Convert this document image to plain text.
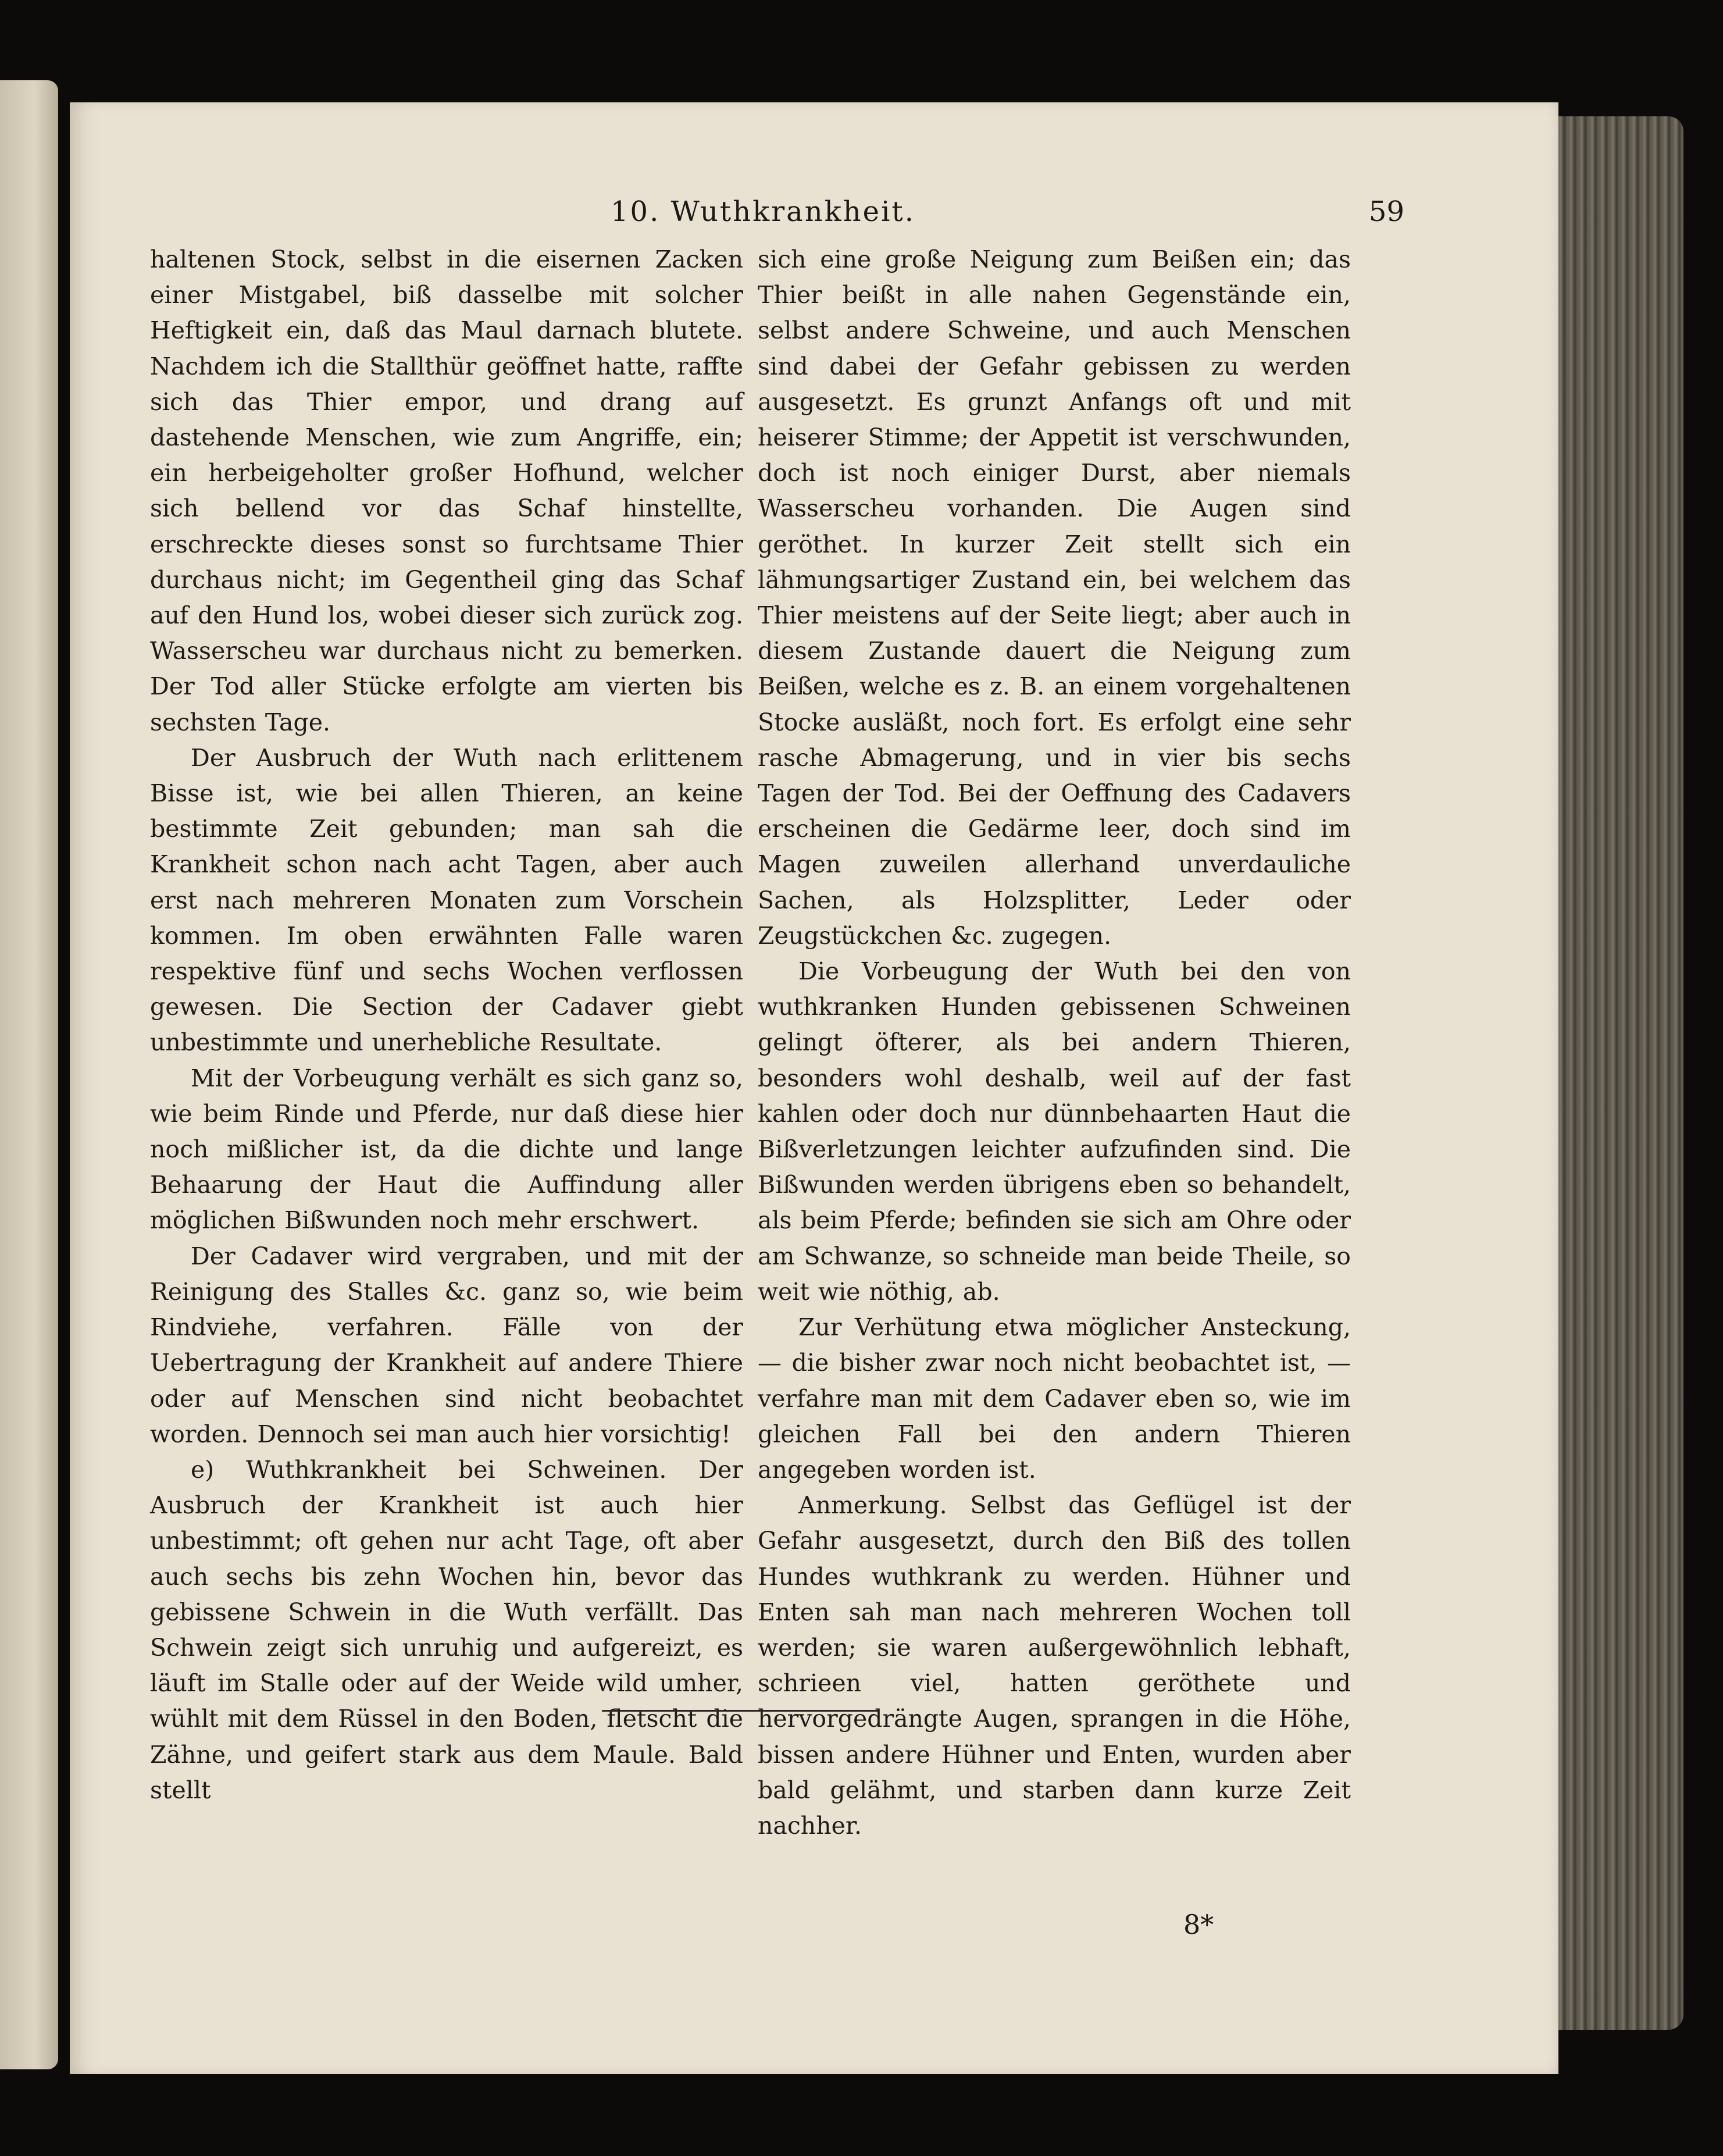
10. Wuthkrankheit.	59

haltenen Stock, selbst in die eisernen Zacken einer Mistgabel, biß dasselbe mit solcher Heftigkeit ein, daß das Maul darnach blutete. Nachdem ich die Stallthür geöffnet hatte, raffte sich das Thier empor, und drang auf dastehende Menschen, wie zum Angriffe, ein; ein herbeigeholter großer Hofhund, welcher sich bellend vor das Schaf hinstellte, erschreckte dieses sonst so furchtsame Thier durchaus nicht; im Gegentheil ging das Schaf auf den Hund los, wobei dieser sich zurück zog. Wasserscheu war durchaus nicht zu bemerken. Der Tod aller Stücke erfolgte am vierten bis sechsten Tage.

Der Ausbruch der Wuth nach erlittenem Bisse ist, wie bei allen Thieren, an keine bestimmte Zeit gebunden; man sah die Krankheit schon nach acht Tagen, aber auch erst nach mehreren Monaten zum Vorschein kommen. Im oben erwähnten Falle waren respektive fünf und sechs Wochen verflossen gewesen. Die Section der Cadaver giebt unbestimmte und unerhebliche Resultate.

Mit der Vorbeugung verhält es sich ganz so, wie beim Rinde und Pferde, nur daß diese hier noch mißlicher ist, da die dichte und lange Behaarung der Haut die Auffindung aller möglichen Bißwunden noch mehr erschwert.

Der Cadaver wird vergraben, und mit der Reinigung des Stalles &c. ganz so, wie beim Rindviehe, verfahren. Fälle von der Uebertragung der Krankheit auf andere Thiere oder auf Menschen sind nicht beobachtet worden. Dennoch sei man auch hier vorsichtig!

e) Wuthkrankheit bei Schweinen. Der Ausbruch der Krankheit ist auch hier unbestimmt; oft gehen nur acht Tage, oft aber auch sechs bis zehn Wochen hin, bevor das gebissene Schwein in die Wuth verfällt. Das Schwein zeigt sich unruhig und aufgereizt, es läuft im Stalle oder auf der Weide wild umher, wühlt mit dem Rüssel in den Boden, fletscht die Zähne, und geifert stark aus dem Maule. Bald stellt

sich eine große Neigung zum Beißen ein; das Thier beißt in alle nahen Gegenstände ein, selbst andere Schweine, und auch Menschen sind dabei der Gefahr gebissen zu werden ausgesetzt. Es grunzt Anfangs oft und mit heiserer Stimme; der Appetit ist verschwunden, doch ist noch einiger Durst, aber niemals Wasserscheu vorhanden. Die Augen sind geröthet. In kurzer Zeit stellt sich ein lähmungsartiger Zustand ein, bei welchem das Thier meistens auf der Seite liegt; aber auch in diesem Zustande dauert die Neigung zum Beißen, welche es z. B. an einem vorgehaltenen Stocke ausläßt, noch fort. Es erfolgt eine sehr rasche Abmagerung, und in vier bis sechs Tagen der Tod. Bei der Oeffnung des Cadavers erscheinen die Gedärme leer, doch sind im Magen zuweilen allerhand unverdauliche Sachen, als Holzsplitter, Leder oder Zeugstückchen &c. zugegen.

Die Vorbeugung der Wuth bei den von wuthkranken Hunden gebissenen Schweinen gelingt öfterer, als bei andern Thieren, besonders wohl deshalb, weil auf der fast kahlen oder doch nur dünnbehaarten Haut die Bißverletzungen leichter aufzufinden sind. Die Bißwunden werden übrigens eben so behandelt, als beim Pferde; befinden sie sich am Ohre oder am Schwanze, so schneide man beide Theile, so weit wie nöthig, ab.

Zur Verhütung etwa möglicher Ansteckung, — die bisher zwar noch nicht beobachtet ist, — verfahre man mit dem Cadaver eben so, wie im gleichen Fall bei den andern Thieren angegeben worden ist.

Anmerkung. Selbst das Geflügel ist der Gefahr ausgesetzt, durch den Biß des tollen Hundes wuthkrank zu werden. Hühner und Enten sah man nach mehreren Wochen toll werden; sie waren außergewöhnlich lebhaft, schrieen viel, hatten geröthete und hervorgedrängte Augen, sprangen in die Höhe, bissen andere Hühner und Enten, wurden aber bald gelähmt, und starben dann kurze Zeit nachher.

8*
